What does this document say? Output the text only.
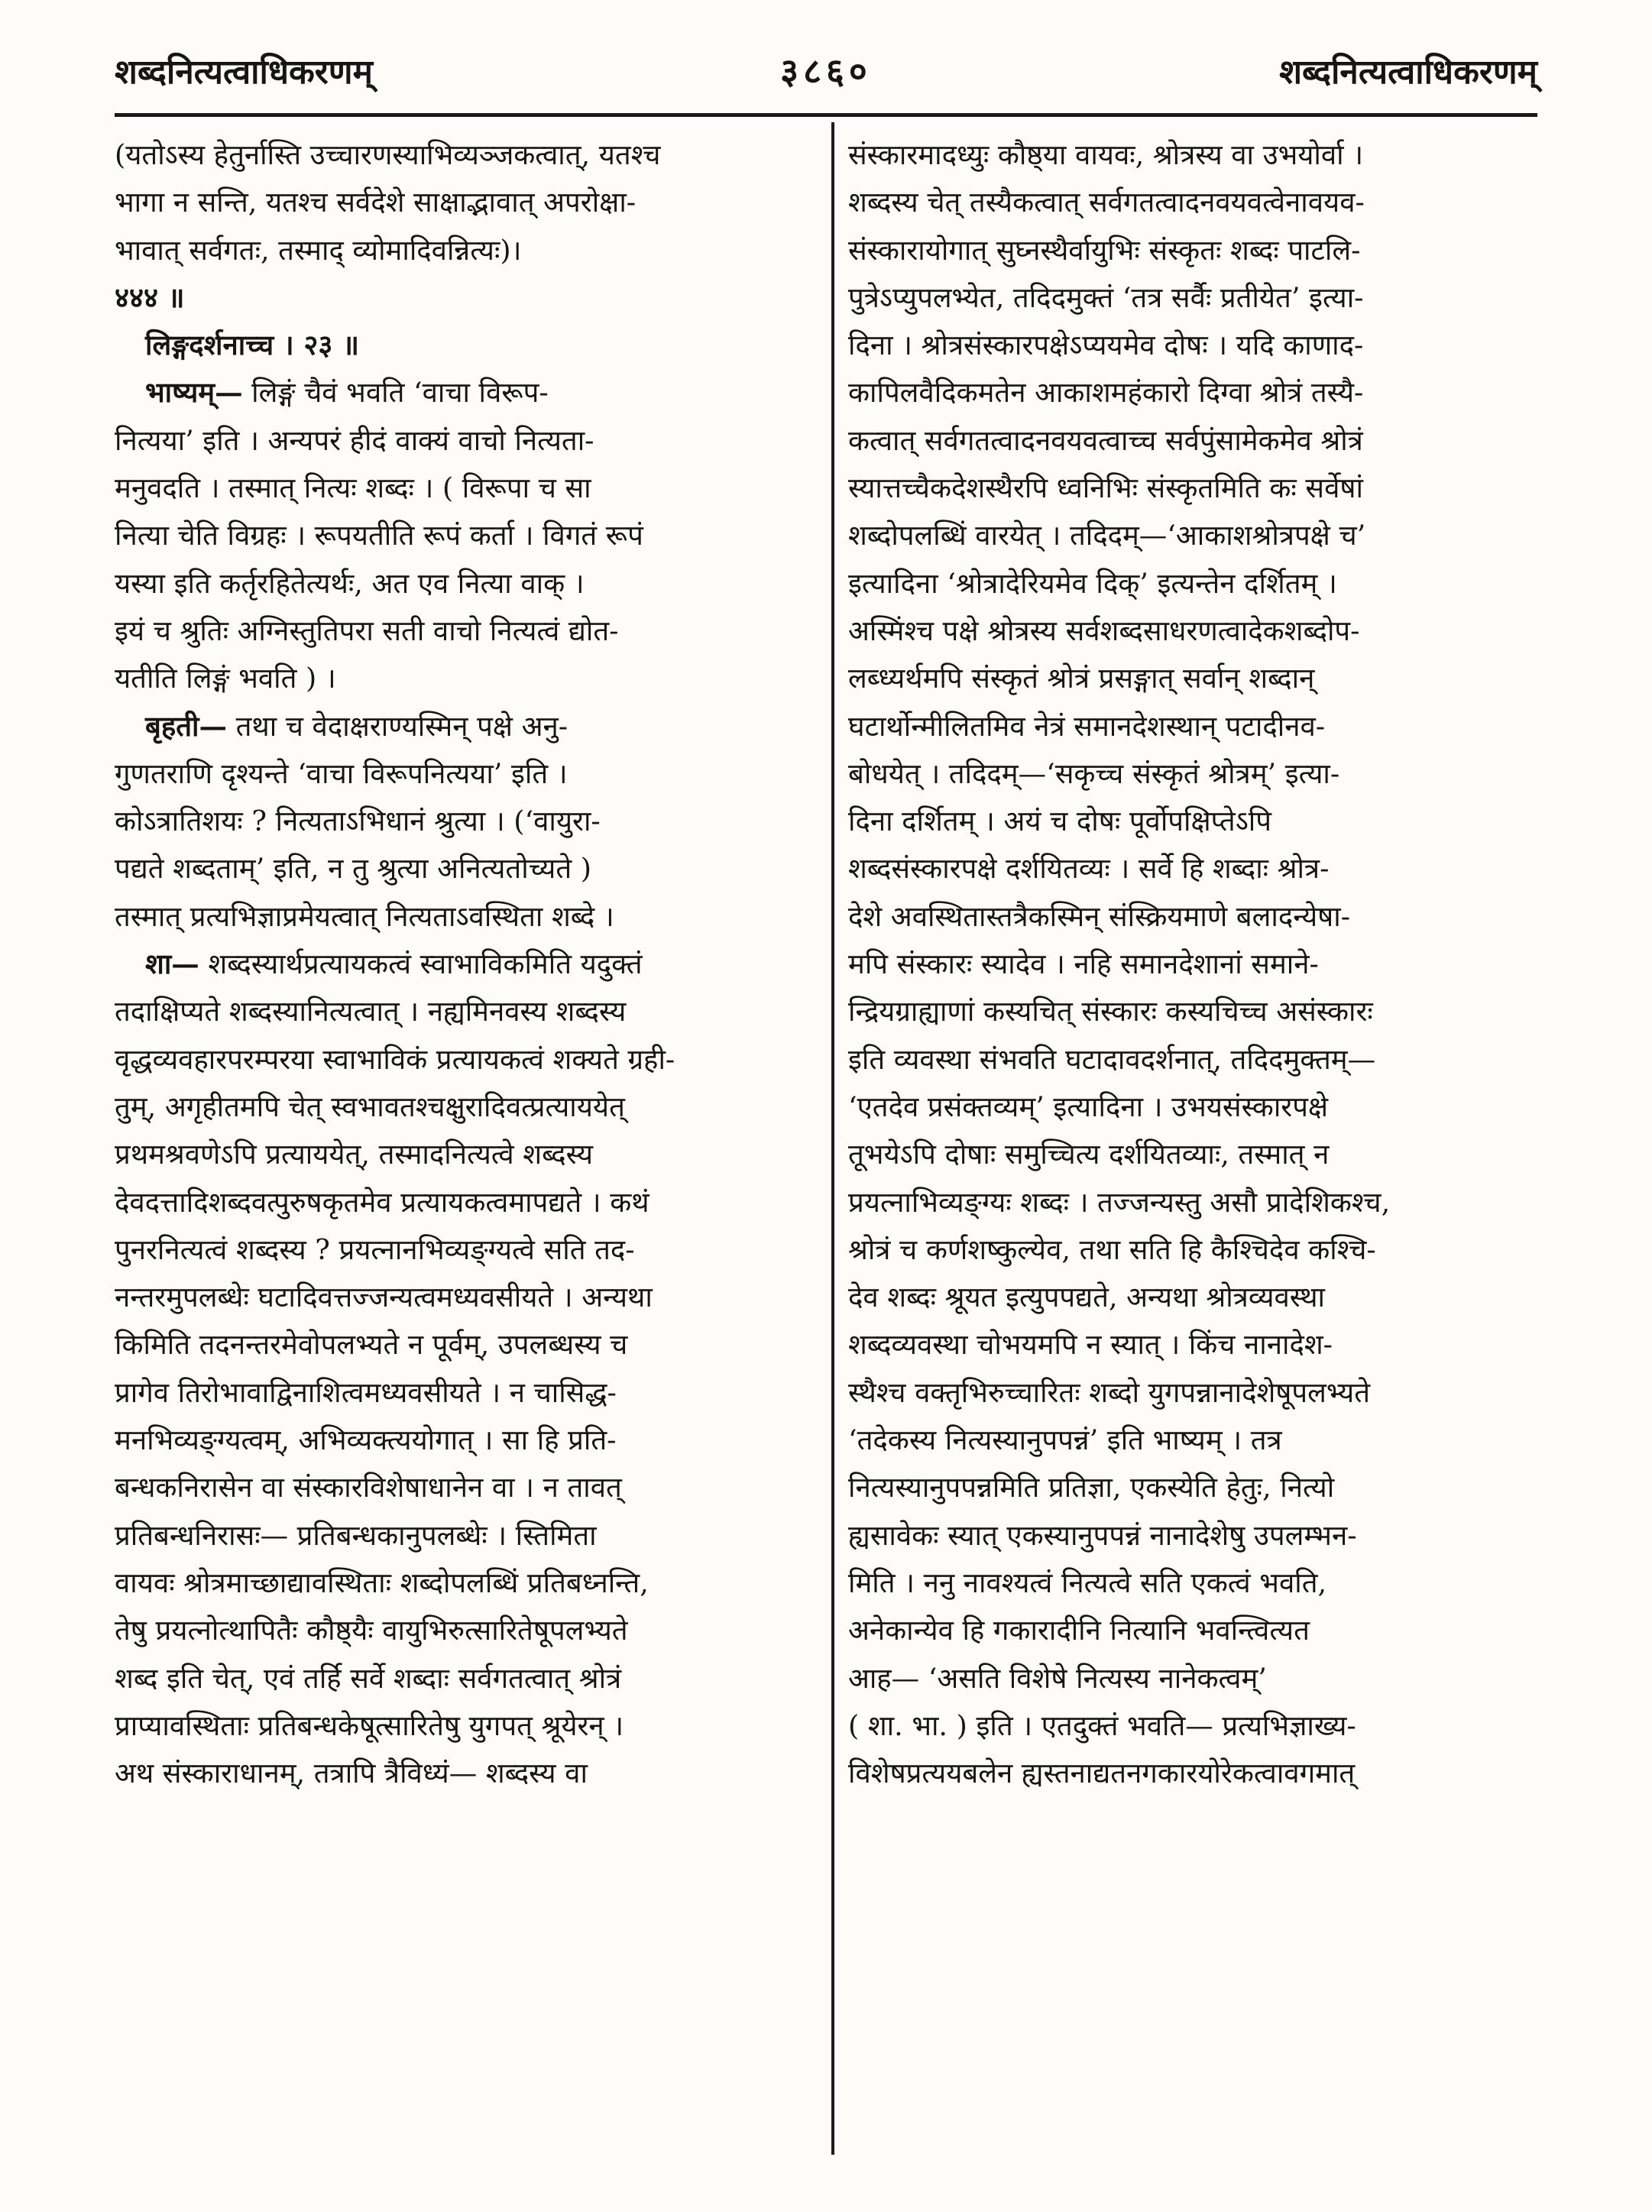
शब्दनित्यत्वाधिकरणम्	३८६०	शब्दनित्यत्वाधिकरणम्
(यतोऽस्य हेतुर्नास्ति उच्चारणस्याभिव्यञ्जकत्वात्, यतश्च
भागा न सन्ति, यतश्च सर्वदेशे साक्षाद्भावात् अपरोक्षा-
भावात् सर्वगतः, तस्माद् व्योमादिवन्नित्यः)।
४४४ ॥
लिङ्गदर्शनाच्च । २३ ॥
भाष्यम्— लिङ्गं चैवं भवति ‘वाचा विरूप-
नित्यया’ इति । अन्यपरं हीदं वाक्यं वाचो नित्यता-
मनुवदति । तस्मात् नित्यः शब्दः । ( विरूपा च सा
नित्या चेति विग्रहः । रूपयतीति रूपं कर्ता । विगतं रूपं
यस्या इति कर्तृरहितेत्यर्थः, अत एव नित्या वाक् ।
इयं च श्रुतिः अग्निस्तुतिपरा सती वाचो नित्यत्वं द्योत-
यतीति लिङ्गं भवति ) ।
बृहती— तथा च वेदाक्षराण्यस्मिन् पक्षे अनु-
गुणतराणि दृश्यन्ते ‘वाचा विरूपनित्यया’ इति ।
कोऽत्रातिशयः ? नित्यताऽभिधानं श्रुत्या । (‘वायुरा-
पद्यते शब्दताम्’ इति, न तु श्रुत्या अनित्यतोच्यते )
तस्मात् प्रत्यभिज्ञाप्रमेयत्वात् नित्यताऽवस्थिता शब्दे ।
शा— शब्दस्यार्थप्रत्यायकत्वं स्वाभाविकमिति यदुक्तं
तदाक्षिप्यते शब्दस्यानित्यत्वात् । नह्यमिनवस्य शब्दस्य
वृद्धव्यवहारपरम्परया स्वाभाविकं प्रत्यायकत्वं शक्यते ग्रही-
तुम्, अगृहीतमपि चेत् स्वभावतश्चक्षुरादिवत्प्रत्याययेत्
प्रथमश्रवणेऽपि प्रत्याययेत्, तस्मादनित्यत्वे शब्दस्य
देवदत्तादिशब्दवत्पुरुषकृतमेव प्रत्यायकत्वमापद्यते । कथं
पुनरनित्यत्वं शब्दस्य ? प्रयत्नानभिव्यङ्ग्यत्वे सति तद-
नन्तरमुपलब्धेः घटादिवत्तज्जन्यत्वमध्यवसीयते । अन्यथा
किमिति तदनन्तरमेवोपलभ्यते न पूर्वम्, उपलब्धस्य च
प्रागेव तिरोभावाद्विनाशित्वमध्यवसीयते । न चासिद्ध-
मनभिव्यङ्ग्यत्वम्, अभिव्यक्त्ययोगात् । सा हि प्रति-
बन्धकनिरासेन वा संस्कारविशेषाधानेन वा । न तावत्
प्रतिबन्धनिरासः— प्रतिबन्धकानुपलब्धेः । स्तिमिता
वायवः श्रोत्रमाच्छाद्यावस्थिताः शब्दोपलब्धिं प्रतिबध्नन्ति,
तेषु प्रयत्नोत्थापितैः कौष्ठ्यैः वायुभिरुत्सारितेषूपलभ्यते
शब्द इति चेत्, एवं तर्हि सर्वे शब्दाः सर्वगतत्वात् श्रोत्रं
प्राप्यावस्थिताः प्रतिबन्धकेषूत्सारितेषु युगपत् श्रूयेरन् ।
अथ संस्काराधानम्, तत्रापि त्रैविध्यं— शब्दस्य वा
संस्कारमादध्युः कौष्ठ्या वायवः, श्रोत्रस्य वा उभयोर्वा ।
शब्दस्य चेत् तस्यैकत्वात् सर्वगतत्वादनवयवत्वेनावयव-
संस्कारायोगात् सुघ्नस्थैर्वायुभिः संस्कृतः शब्दः पाटलि-
पुत्रेऽप्युपलभ्येत, तदिदमुक्तं ‘तत्र सर्वैः प्रतीयेत’ इत्या-
दिना । श्रोत्रसंस्कारपक्षेऽप्ययमेव दोषः । यदि काणाद-
कापिलवैदिकमतेन आकाशमहंकारो दिग्वा श्रोत्रं तस्यै-
कत्वात् सर्वगतत्वादनवयवत्वाच्च सर्वपुंसामेकमेव श्रोत्रं
स्यात्तच्चैकदेशस्थैरपि ध्वनिभिः संस्कृतमिति कः सर्वेषां
शब्दोपलब्धिं वारयेत् । तदिदम्—‘आकाशश्रोत्रपक्षे च’
इत्यादिना ‘श्रोत्रादेरियमेव दिक्’ इत्यन्तेन दर्शितम् ।
अस्मिंश्च पक्षे श्रोत्रस्य सर्वशब्दसाधरणत्वादेकशब्दोप-
लब्ध्यर्थमपि संस्कृतं श्रोत्रं प्रसङ्गात् सर्वान् शब्दान्
घटार्थोन्मीलितमिव नेत्रं समानदेशस्थान् पटादीनव-
बोधयेत् । तदिदम्—‘सकृच्च संस्कृतं श्रोत्रम्’ इत्या-
दिना दर्शितम् । अयं च दोषः पूर्वोपक्षिप्तेऽपि
शब्दसंस्कारपक्षे दर्शयितव्यः । सर्वे हि शब्दाः श्रोत्र-
देशे अवस्थितास्तत्रैकस्मिन् संस्क्रियमाणे बलादन्येषा-
मपि संस्कारः स्यादेव । नहि समानदेशानां समाने-
न्द्रियग्राह्याणां कस्यचित् संस्कारः कस्यचिच्च असंस्कारः
इति व्यवस्था संभवति घटादावदर्शनात्, तदिदमुक्तम्—
‘एतदेव प्रसंक्तव्यम्’ इत्यादिना । उभयसंस्कारपक्षे
तूभयेऽपि दोषाः समुच्चित्य दर्शयितव्याः, तस्मात् न
प्रयत्नाभिव्यङ्ग्यः शब्दः । तज्जन्यस्तु असौ प्रादेशिकश्च,
श्रोत्रं च कर्णशष्कुल्येव, तथा सति हि कैश्चिदेव कश्चि-
देव शब्दः श्रूयत इत्युपपद्यते, अन्यथा श्रोत्रव्यवस्था
शब्दव्यवस्था चोभयमपि न स्यात् । किंच नानादेश-
स्थैश्च वक्तृभिरुच्चारितः शब्दो युगपन्नानादेशेषूपलभ्यते
‘तदेकस्य नित्यस्यानुपपन्नं’ इति भाष्यम् । तत्र
नित्यस्यानुपपन्नमिति प्रतिज्ञा, एकस्येति हेतुः, नित्यो
ह्यसावेकः स्यात् एकस्यानुपपन्नं नानादेशेषु उपलम्भन-
मिति । ननु नावश्यत्वं नित्यत्वे सति एकत्वं भवति,
अनेकान्येव हि गकारादीनि नित्यानि भवन्त्वित्यत
आह— ‘असति विशेषे नित्यस्य नानेकत्वम्’
( शा. भा. ) इति । एतदुक्तं भवति— प्रत्यभिज्ञाख्य-
विशेषप्रत्ययबलेन ह्यस्तनाद्यतनगकारयोरेकत्वावगमात्
